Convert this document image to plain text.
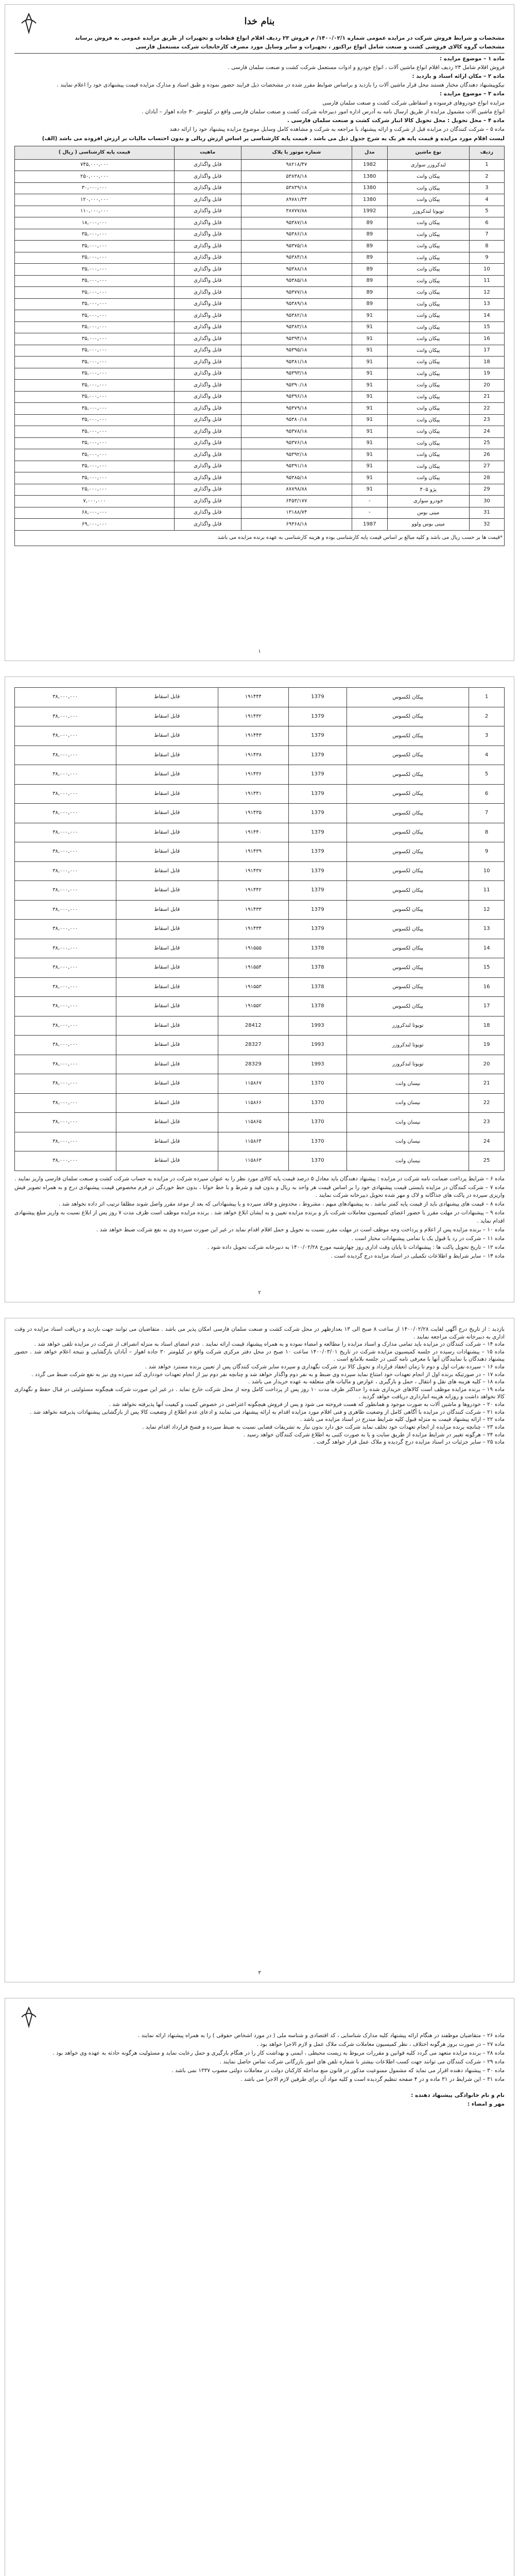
بنام خدا

مشخصات و شرایط فروش شرکت در مزایده عمومی شماره ۱۴۰۰/۰۲/۱/ م فروش ۲۳ ردیف اقلام انواع قطعات و تجهیزات از طریق مزایده عمومی به فروش برساند

مشخصات گروه کالای فروشی کشت و صنعت شامل انواع تراکتور ، تجهیزات و سایر وسایل مورد مصرف کارخانجات شرکت مستعمل فارسی

ماده ۱ – موضوع مزایده :

فروش اقلام شامل ۲۳ ردیف اقلام انواع ماشین آلات ، انواع خودرو و ادوات مستعمل شرکت کشت و صنعت سلمان فارسی .

ماده ۲ – مکان ارائه اسناد و بازدید :

نیکوپیشنهاد دهندگان مختار هستند محل قرار ماشین آلات را بازدید و براساس ضوابط مقرر شده در مشخصات ذیل فرایند حضور نموده و طبق اسناد و مدارک مزایده قیمت پیشنهادی خود را اعلام نمایند .

ماده ۳ – موضوع مزایده :

مزایده انواع خودروهای فرسوده و اسقاطی شرکت کشت و صنعت سلمان فارسی

انواع ماشین آلات مشمول مزایده از طریق ارسال نامه به آدرس اداره امور دبیرخانه شرکت کشت و صنعت سلمان فارسی واقع در کیلومتر ۳۰ جاده اهواز – آبادان .

ماده ۴ – محل تحویل : محل تحویل کالا انبار شرکت کشت و صنعت سلمان فارسی .

ماده ۵ – شرکت کنندگان در مزایده قبل از شرکت و ارائه پیشنهاد با مراجعه به شرکت و مشاهده کامل وسایل موضوع مزایده پیشنهاد خود را ارائه دهند

لیست اقلام مورد مزایده و قیمت پایه هر یک به شرح جدول ذیل می باشد . قیمت پایه کارشناسی بر اساس ارزش ریالی و بدون احتساب مالیات بر ارزش افزوده می باشد (الف)

ردیف	نوع ماشین	مدل	شماره موتور یا پلاک	ماهیت	قیمت پایه کارشناسی ( ریال )
1	لندکروزر سواری	1982	۹۸۲۱۸/۴۷	قابل واگذاری	۷۴۵,۰۰۰,۰۰۰
2	پیکان وانت	1380	۵۳۸۳۸/۱۸	قابل واگذاری	۲۵۰,۰۰۰,۰۰۰
3	پیکان وانت	1380	۵۳۸۳۹/۱۸	قابل واگذاری	۳۰,۰۰۰,۰۰۰
4	پیکان وانت	1380	۸۹۷۸۱/۴۴	قابل واگذاری	۱۲۰,۰۰۰,۰۰۰
5	تویوتا لندکروزر	1992	۳۸۷۷۷/۸۸	قابل واگذاری	۱۱۰,۰۰۰,۰۰۰
6	پیکان وانت	89	۹۵۳۸۷/۱۸	قابل واگذاری	۱۸,۰۰۰,۰۰۰
7	پیکان وانت	89	۹۵۳۸۶/۱۸	قابل واگذاری	۳۵,۰۰۰,۰۰۰
8	پیکان وانت	89	۹۵۳۷۵/۱۸	قابل واگذاری	۳۵,۰۰۰,۰۰۰
9	پیکان وانت	89	۹۵۳۸۴/۱۸	قابل واگذاری	۳۵,۰۰۰,۰۰۰
10	پیکان وانت	89	۹۵۳۸۸/۱۸	قابل واگذاری	۳۵,۰۰۰,۰۰۰
11	پیکان وانت	89	۹۵۳۸۵/۱۸	قابل واگذاری	۳۵,۰۰۰,۰۰۰
12	پیکان وانت	89	۹۵۳۷۷/۱۸	قابل واگذاری	۳۵,۰۰۰,۰۰۰
13	پیکان وانت	89	۹۵۳۸۹/۱۸	قابل واگذاری	۳۵,۰۰۰,۰۰۰
14	پیکان وانت	91	۹۵۳۸۲/۱۸	قابل واگذاری	۳۵,۰۰۰,۰۰۰
15	پیکان وانت	91	۹۵۳۸۳/۱۸	قابل واگذاری	۳۵,۰۰۰,۰۰۰
16	پیکان وانت	91	۹۵۳۹۴/۱۸	قابل واگذاری	۳۵,۰۰۰,۰۰۰
17	پیکان وانت	91	۹۵۳۹۵/۱۸	قابل واگذاری	۳۵,۰۰۰,۰۰۰
18	پیکان وانت	91	۹۵۳۸۱/۱۸	قابل واگذاری	۳۵,۰۰۰,۰۰۰
19	پیکان وانت	91	۹۵۳۹۳/۱۸	قابل واگذاری	۳۵,۰۰۰,۰۰۰
20	پیکان وانت	91	۹۵۳۹۰/۱۸	قابل واگذاری	۳۵,۰۰۰,۰۰۰
21	پیکان وانت	91	۹۵۳۹۶/۱۸	قابل واگذاری	۳۵,۰۰۰,۰۰۰
22	پیکان وانت	91	۹۵۳۷۹/۱۸	قابل واگذاری	۳۵,۰۰۰,۰۰۰
23	پیکان وانت	91	۹۵۳۸۰/۱۸	قابل واگذاری	۳۵,۰۰۰,۰۰۰
24	پیکان وانت	91	۹۵۳۷۸/۱۸	قابل واگذاری	۳۵,۰۰۰,۰۰۰
25	پیکان وانت	91	۹۵۳۷۶/۱۸	قابل واگذاری	۳۵,۰۰۰,۰۰۰
26	پیکان وانت	91	۹۵۳۹۲/۱۸	قابل واگذاری	۳۵,۰۰۰,۰۰۰
27	پیکان وانت	91	۹۵۳۹۱/۱۸	قابل واگذاری	۳۵,۰۰۰,۰۰۰
28	پیکان وانت	91	۹۵۳۸۵/۱۸	قابل واگذاری	۳۵,۰۰۰,۰۰۰
29	پژو ۴۰۵	91	۸۷۸۹۸/۸۸	قابل واگذاری	۲۵,۰۰۰,۰۰۰
30	خودرو سواری	-	۶۴۵۳/۱۷۷	قابل واگذاری	۷,۰۰۰,۰۰۰
31	مینی بوس	-	۱۳۱۸۸/۷۴	قابل واگذاری	۶۸,۰۰۰,۰۰۰
32	مینی بوس ولوو	1987	۶۹۳۶۸/۱۸	قابل واگذاری	۶۹,۰۰۰,۰۰۰
*قیمت ها بر حسب ریال می باشد و کلیه مبالغ بر اساس قیمت پایه کارشناسی بوده و هزینه کارشناسی به عهده برنده مزایده می باشد					
۱
1	پیکان لکسوس	1379	۱۹۱۴۴۴	قابل اسقاط	۳۸,۰۰۰,۰۰۰
2	پیکان لکسوس	1379	۱۹۱۴۳۲	قابل اسقاط	۳۸,۰۰۰,۰۰۰
3	پیکان لکسوس	1379	۱۹۱۴۴۳	قابل اسقاط	۳۸,۰۰۰,۰۰۰
4	پیکان لکسوس	1379	۱۹۱۴۳۸	قابل اسقاط	۳۸,۰۰۰,۰۰۰
5	پیکان لکسوس	1379	۱۹۱۴۳۶	قابل اسقاط	۳۸,۰۰۰,۰۰۰
6	پیکان لکسوس	1379	۱۹۱۴۴۱	قابل اسقاط	۳۸,۰۰۰,۰۰۰
7	پیکان لکسوس	1379	۱۹۱۴۳۵	قابل اسقاط	۳۸,۰۰۰,۰۰۰
8	پیکان لکسوس	1379	۱۹۱۴۴۰	قابل اسقاط	۳۸,۰۰۰,۰۰۰
9	پیکان لکسوس	1379	۱۹۱۴۳۹	قابل اسقاط	۳۸,۰۰۰,۰۰۰
10	پیکان لکسوس	1379	۱۹۱۴۳۷	قابل اسقاط	۳۸,۰۰۰,۰۰۰
11	پیکان لکسوس	1379	۱۹۱۴۴۲	قابل اسقاط	۳۸,۰۰۰,۰۰۰
12	پیکان لکسوس	1379	۱۹۱۴۳۳	قابل اسقاط	۳۸,۰۰۰,۰۰۰
13	پیکان لکسوس	1379	۱۹۱۴۳۴	قابل اسقاط	۳۸,۰۰۰,۰۰۰
14	پیکان لکسوس	1378	۱۹۱۵۵۵	قابل اسقاط	۳۸,۰۰۰,۰۰۰
15	پیکان لکسوس	1378	۱۹۱۵۵۴	قابل اسقاط	۳۸,۰۰۰,۰۰۰
16	پیکان لکسوس	1378	۱۹۱۵۵۳	قابل اسقاط	۳۸,۰۰۰,۰۰۰
17	پیکان لکسوس	1378	۱۹۱۵۵۲	قابل اسقاط	۳۸,۰۰۰,۰۰۰
18	تویوتا لندکروزر	1993	28412	قابل اسقاط	۳۸,۰۰۰,۰۰۰
19	تویوتا لندکروزر	1993	28327	قابل اسقاط	۳۸,۰۰۰,۰۰۰
20	تویوتا لندکروزر	1993	28329	قابل اسقاط	۳۸,۰۰۰,۰۰۰
21	نیسان وانت	1370	۱۱۵۸۶۷	قابل اسقاط	۳۸,۰۰۰,۰۰۰
22	نیسان وانت	1370	۱۱۵۸۶۶	قابل اسقاط	۳۸,۰۰۰,۰۰۰
23	نیسان وانت	1370	۱۱۵۸۶۵	قابل اسقاط	۳۸,۰۰۰,۰۰۰
24	نیسان وانت	1370	۱۱۵۸۶۴	قابل اسقاط	۳۸,۰۰۰,۰۰۰
25	نیسان وانت	1370	۱۱۵۸۶۳	قابل اسقاط	۳۸,۰۰۰,۰۰۰

ماده ۶ – شرایط پرداخت ضمانت نامه شرکت در مزایده : پیشنهاد دهندگان باید معادل ۵ درصد قیمت پایه کالای مورد نظر را به عنوان سپرده شرکت در مزایده به حساب شرکت کشت و صنعت سلمان فارسی واریز نمایند .

ماده ۷ – شرکت کنندگان در مزایده بایستی قیمت پیشنهادی خود را بر اساس قیمت هر واحد به ریال و بدون قید و شرط و با خط خوانا ، بدون خط خوردگی در فرم مخصوص قیمت پیشنهادی درج و به همراه تصویر فیش واریزی سپرده در پاکت های جداگانه و لاک و مهر شده تحویل دبیرخانه شرکت نمایند .

ماده ۸ – قیمت های پیشنهادی باید از قیمت پایه کمتر نباشد . به پیشنهادهای مبهم ، مشروط ، مخدوش و فاقد سپرده و یا پیشنهاداتی که بعد از موعد مقرر واصل شوند مطلقا ترتیب اثر داده نخواهد شد .

ماده ۹ – پیشنهادات در مهلت مقرر با حضور اعضای کمیسیون معاملات شرکت باز و برنده مزایده تعیین و به ایشان ابلاغ خواهد شد . برنده مزایده موظف است ظرف مدت ۷ روز پس از ابلاغ نسبت به واریز مبلغ پیشنهادی اقدام نماید .

ماده ۱۰ – برنده مزایده پس از اعلام و پرداخت وجه موظف است در مهلت مقرر نسبت به تحویل و حمل اقلام اقدام نماید در غیر این صورت سپرده وی به نفع شرکت ضبط خواهد شد .

ماده ۱۱ – شرکت در رد یا قبول یک یا تمامی پیشنهادات مختار است .

ماده ۱۲ – تاریخ تحویل پاکت ها : پیشنهادات تا پایان وقت اداری روز چهارشنبه مورخ ۱۴۰۰/۰۲/۲۸ به دبیرخانه شرکت تحویل داده شود .

ماده ۱۳ – سایر شرایط و اطلاعات تکمیلی در اسناد مزایده درج گردیده است .

۲

بازدید : از تاریخ درج آگهی لغایت ۱۴۰۰/۰۲/۲۸ از ساعت ۸ صبح الی ۱۳ بعدازظهر در محل شرکت کشت و صنعت سلمان فارسی امکان پذیر می باشد . متقاضیان می توانند جهت بازدید و دریافت اسناد مزایده در وقت اداری به دبیرخانه شرکت مراجعه نمایند .

ماده ۱۴ – شرکت کنندگان در مزایده باید تمامی مدارک و اسناد مزایده را مطالعه و امضاء نموده و به همراه پیشنهاد قیمت ارائه نمایند . عدم امضای اسناد به منزله انصراف از شرکت در مزایده تلقی خواهد شد .

ماده ۱۵ – پیشنهادات رسیده در جلسه کمیسیون مزایده شرکت در تاریخ ۱۴۰۰/۰۳/۰۱ ساعت ۱۰ صبح در محل دفتر مرکزی شرکت واقع در کیلومتر ۳۰ جاده اهواز – آبادان بازگشایی و نتیجه اعلام خواهد شد . حضور پیشنهاد دهندگان یا نمایندگان آنها با معرفی نامه کتبی در جلسه بلامانع است .

ماده ۱۶ – سپرده نفرات اول و دوم تا زمان انعقاد قرارداد و تحویل کالا نزد شرکت نگهداری و سپرده سایر شرکت کنندگان پس از تعیین برنده مسترد خواهد شد .

ماده ۱۷ – در صورتیکه برنده اول از انجام تعهدات خود امتناع نماید سپرده وی ضبط و به نفر دوم واگذار خواهد شد و چنانچه نفر دوم نیز از انجام تعهدات خودداری کند سپرده وی نیز به نفع شرکت ضبط می گردد .

ماده ۱۸ – کلیه هزینه های نقل و انتقال ، حمل و بارگیری ، عوارض و مالیات های متعلقه به عهده خریدار می باشد .

ماده ۱۹ – برنده مزایده موظف است کالاهای خریداری شده را حداکثر ظرف مدت ۱۰ روز پس از پرداخت کامل وجه از محل شرکت خارج نماید . در غیر این صورت شرکت هیچگونه مسئولیتی در قبال حفظ و نگهداری کالا نخواهد داشت و روزانه هزینه انبارداری دریافت خواهد گردید .

ماده ۲۰ – خودروها و ماشین آلات به صورت موجود و همانطور که هست فروخته می شود و پس از فروش هیچگونه اعتراضی در خصوص کمیت و کیفیت آنها پذیرفته نخواهد شد .

ماده ۲۱ – شرکت کنندگان در مزایده با آگاهی کامل از وضعیت ظاهری و فنی اقلام مورد مزایده اقدام به ارائه پیشنهاد می نمایند و ادعای عدم اطلاع از وضعیت کالا پس از بازگشایی پیشنهادات پذیرفته نخواهد شد .

ماده ۲۲ – ارائه پیشنهاد قیمت به منزله قبول کلیه شرایط مندرج در اسناد مزایده می باشد .

ماده ۲۳ – چنانچه برنده مزایده از انجام تعهدات خود تخلف نماید شرکت حق دارد بدون نیاز به تشریفات قضایی نسبت به ضبط سپرده و فسخ قرارداد اقدام نماید .

ماده ۲۴ – هرگونه تغییر در شرایط مزایده از طریق سایت و یا به صورت کتبی به اطلاع شرکت کنندگان خواهد رسید .

ماده ۲۵ – سایر جزئیات در اسناد مزایده درج گردیده و ملاک عمل قرار خواهد گرفت .

۳

ماده ۲۶ – متقاضیان موظفند در هنگام ارائه پیشنهاد کلیه مدارک شناسایی ، کد اقتصادی و شناسه ملی ( در مورد اشخاص حقوقی ) را به همراه پیشنهاد ارائه نمایند .

ماده ۲۷ – در صورت بروز هرگونه اختلاف ، نظر کمیسیون معاملات شرکت ملاک عمل و لازم الاجرا خواهد بود .

ماده ۲۸ – برنده مزایده متعهد می گردد کلیه قوانین و مقررات مربوط به زیست محیطی ، ایمنی و بهداشت کار را در هنگام بارگیری و حمل رعایت نماید و مسئولیت هرگونه حادثه به عهده وی خواهد بود .

ماده ۲۹ – شرکت کنندگان می توانند جهت کسب اطلاعات بیشتر با شماره تلفن های امور بازرگانی شرکت تماس حاصل نمایند .

ماده ۳۰ – پیشنهاد دهنده اقرار می نماید که مشمول ممنوعیت مذکور در قانون منع مداخله کارکنان دولت در معاملات دولتی مصوب ۱۳۳۷ نمی باشد .

ماده ۳۱ – این شرایط در ۳۱ ماده و در ۴ صفحه تنظیم گردیده است و کلیه مواد آن برای طرفین لازم الاجرا می باشد .

نام و نام خانوادگی پیشنهاد دهنده :

مهر و امضاء :
